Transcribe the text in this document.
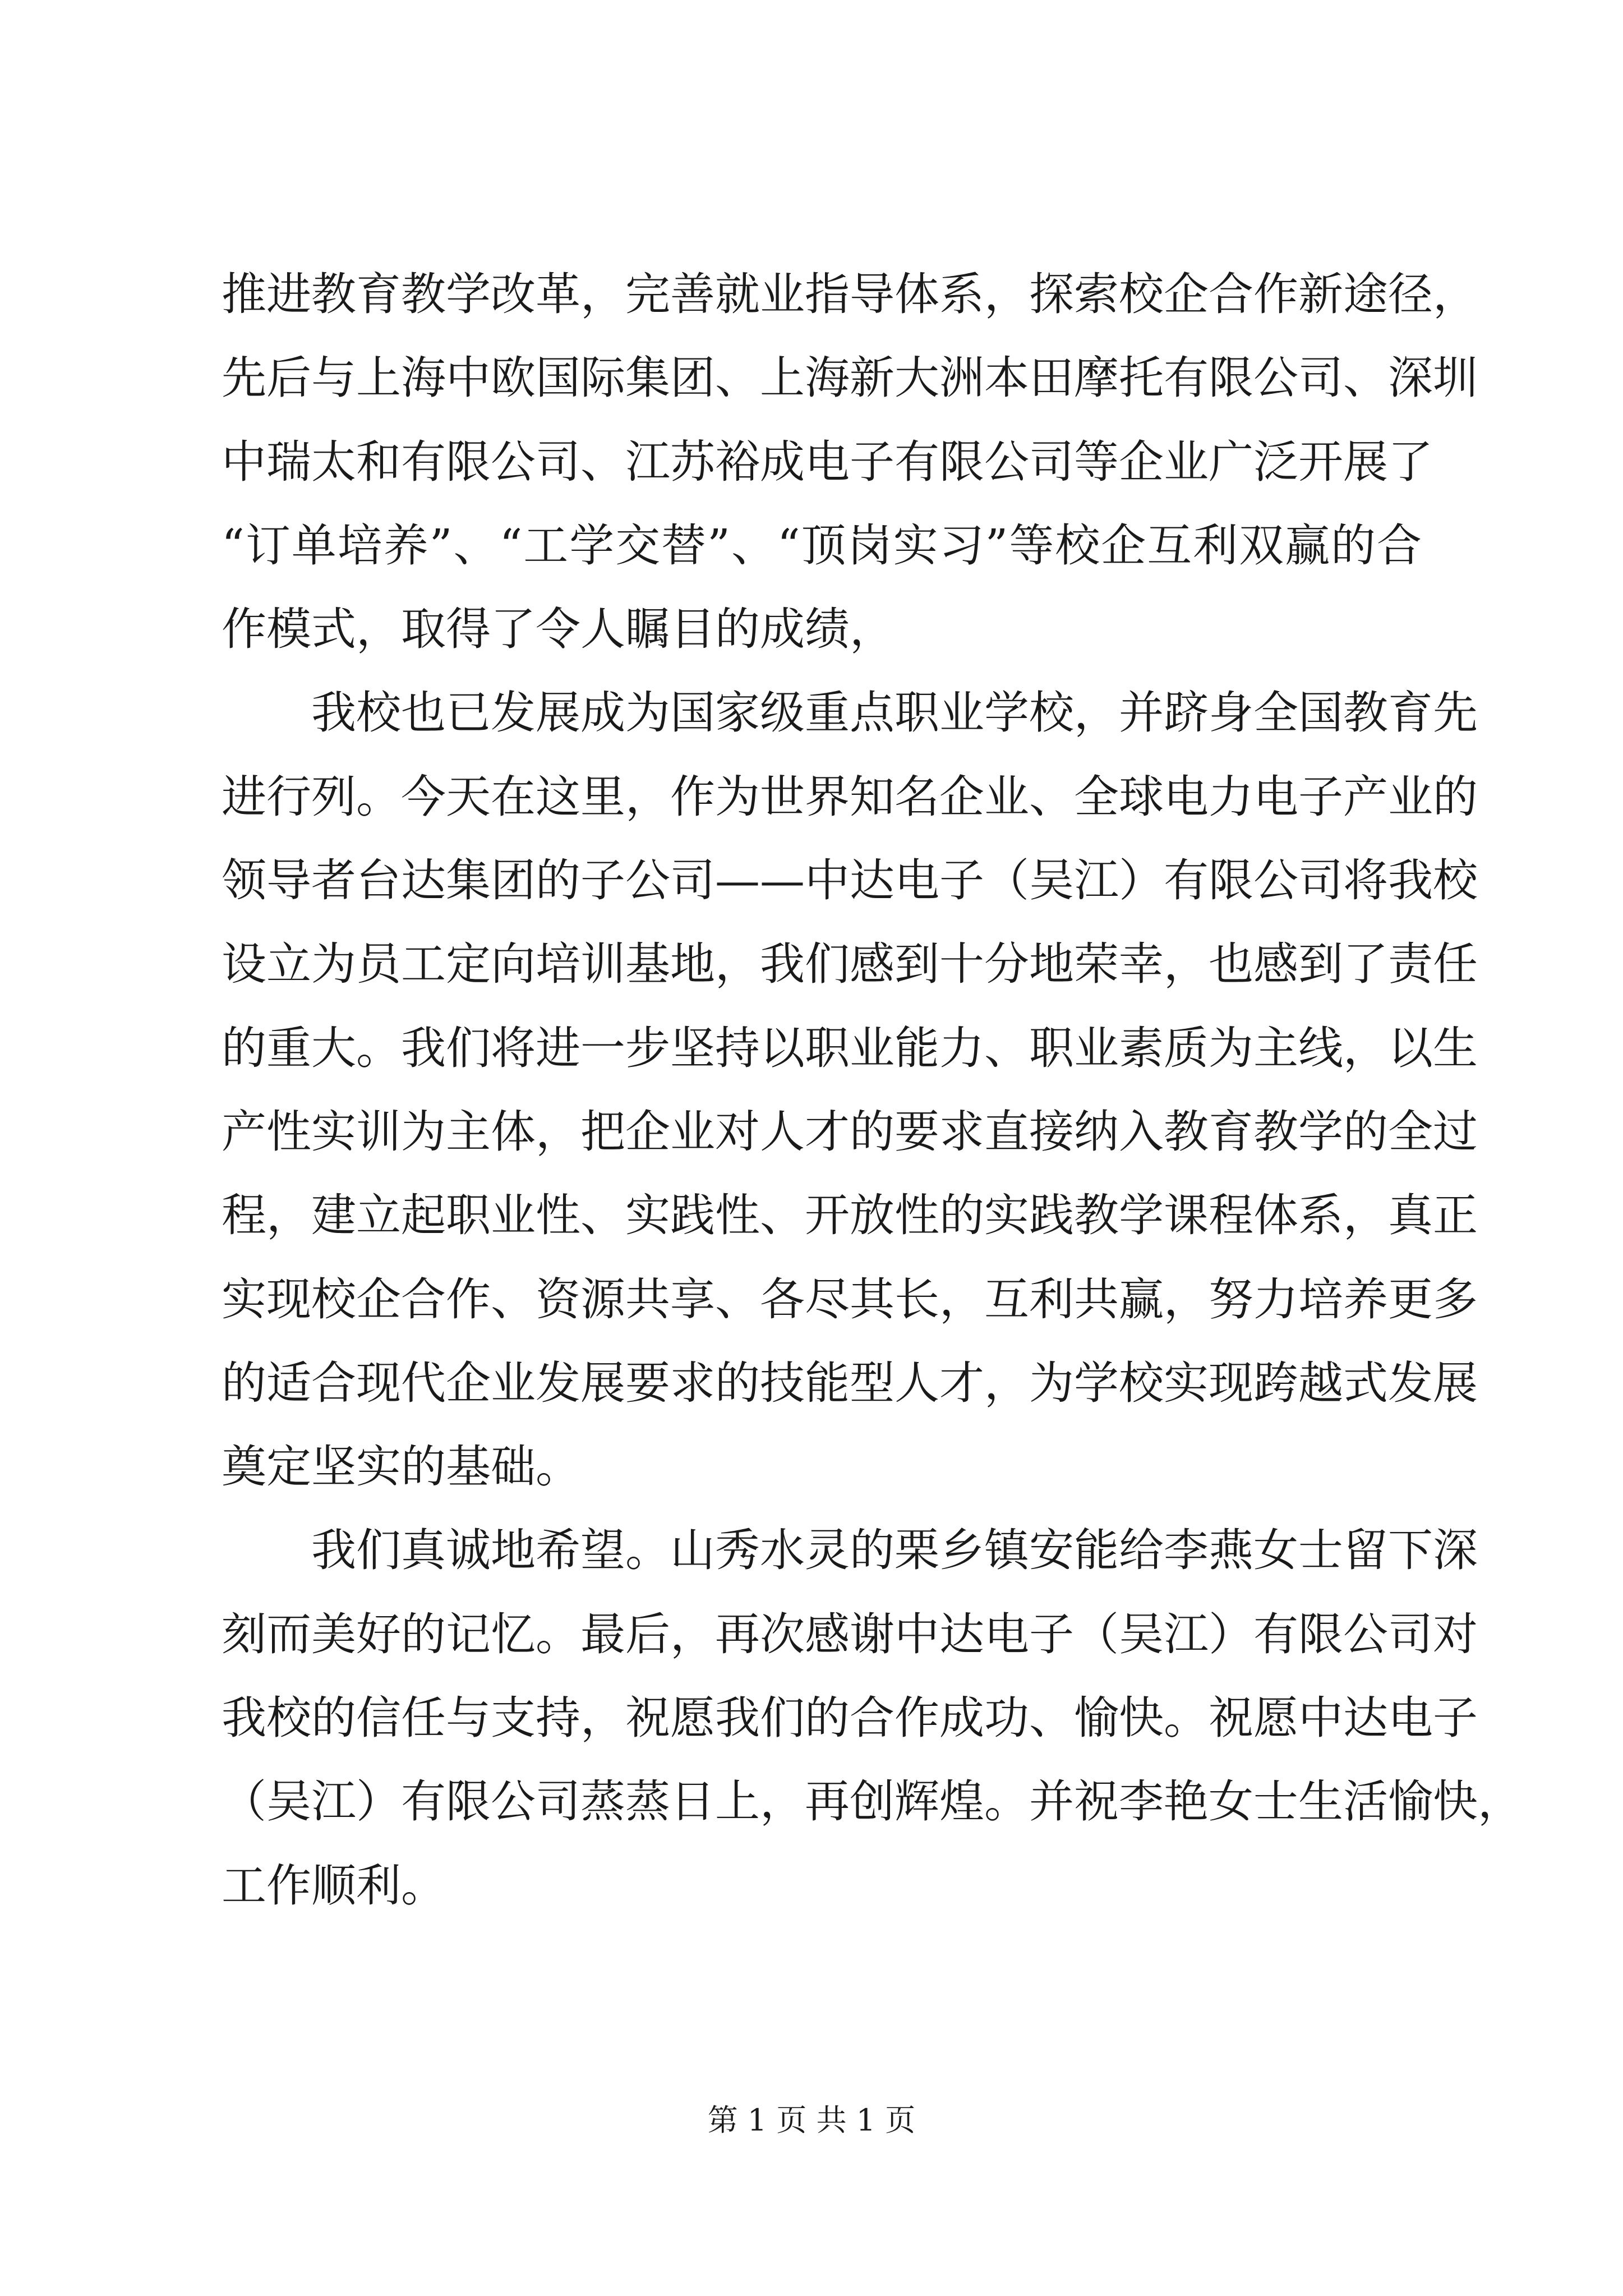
推进教育教学改革，完善就业指导体系，探索校企合作新途径，
先后与上海中欧国际集团、上海新大洲本田摩托有限公司、深圳
中瑞太和有限公司、江苏裕成电子有限公司等企业广泛开展了
“订单培养”、“工学交替”、“顶岗实习”等校企互利双赢的合
作模式，取得了令人瞩目的成绩，
我校也已发展成为国家级重点职业学校，并跻身全国教育先
进行列。今天在这里，作为世界知名企业、全球电力电子产业的
领导者台达集团的子公司——中达电子（吴江）有限公司将我校
设立为员工定向培训基地，我们感到十分地荣幸，也感到了责任
的重大。我们将进一步坚持以职业能力、职业素质为主线，以生
产性实训为主体，把企业对人才的要求直接纳入教育教学的全过
程，建立起职业性、实践性、开放性的实践教学课程体系，真正
实现校企合作、资源共享、各尽其长，互利共赢，努力培养更多
的适合现代企业发展要求的技能型人才，为学校实现跨越式发展
奠定坚实的基础。
我们真诚地希望。山秀水灵的栗乡镇安能给李燕女士留下深
刻而美好的记忆。最后，再次感谢中达电子（吴江）有限公司对
我校的信任与支持，祝愿我们的合作成功、愉快。祝愿中达电子
（吴江）有限公司蒸蒸日上，再创辉煌。并祝李艳女士生活愉快，
工作顺利。
第 1 页 共 1 页
